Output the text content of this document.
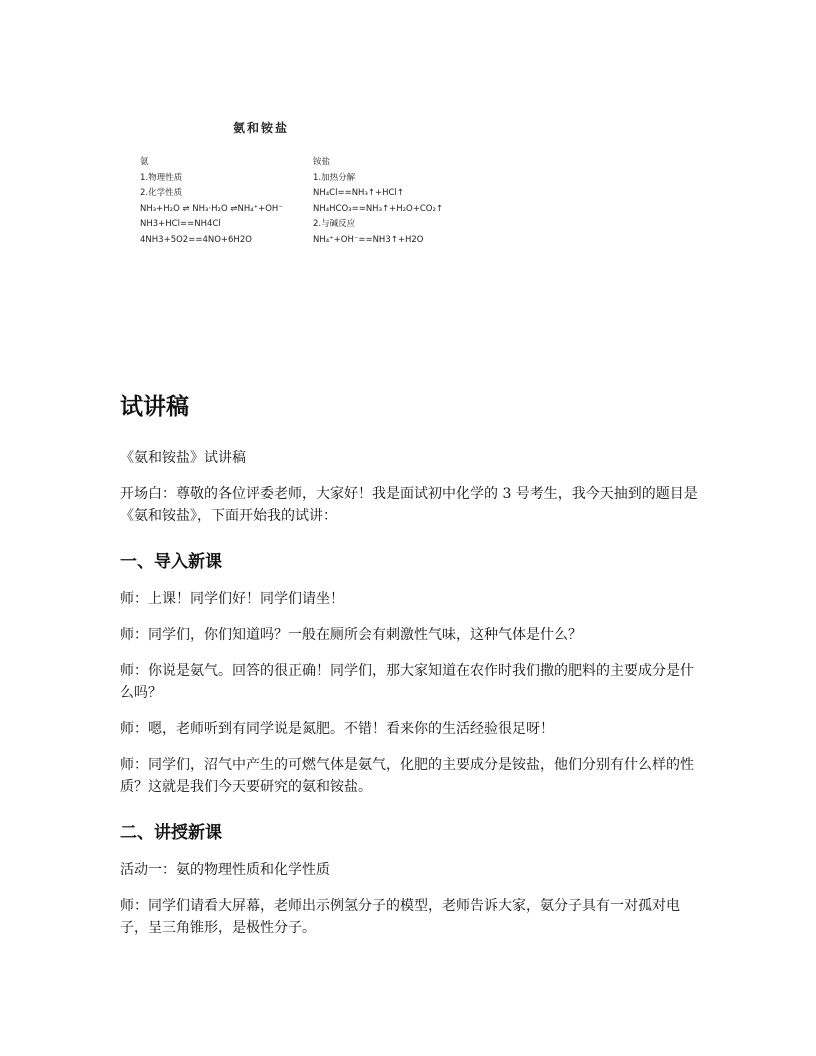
氨和铵盐
氨
1.物理性质
2.化学性质
NH₃+H₂O ⇌ NH₃·H₂O ⇌NH₄⁺+OH⁻
NH3+HCl==NH4Cl
4NH3+5O2==4NO+6H2O
铵盐
1.加热分解
NH₄Cl==NH₃↑+HCl↑
NH₄HCO₃==NH₃↑+H₂O+CO₂↑
2.与碱反应
NH₄⁺+OH⁻==NH3↑+H2O
试讲稿
《氨和铵盐》试讲稿
开场白：尊敬的各位评委老师，大家好！我是面试初中化学的 3 号考生，我今天抽到的题目是《氨和铵盐》，下面开始我的试讲：
一、导入新课
师：上课！同学们好！同学们请坐！
师：同学们，你们知道吗？一般在厕所会有刺激性气味，这种气体是什么？
师：你说是氨气。回答的很正确！同学们，那大家知道在农作时我们撒的肥料的主要成分是什么吗？
师：嗯，老师听到有同学说是氮肥。不错！看来你的生活经验很足呀！
师：同学们，沼气中产生的可燃气体是氨气，化肥的主要成分是铵盐，他们分别有什么样的性质？这就是我们今天要研究的氨和铵盐。
二、讲授新课
活动一：氨的物理性质和化学性质
师：同学们请看大屏幕，老师出示例氢分子的模型，老师告诉大家，氨分子具有一对孤对电子，呈三角锥形，是极性分子。
